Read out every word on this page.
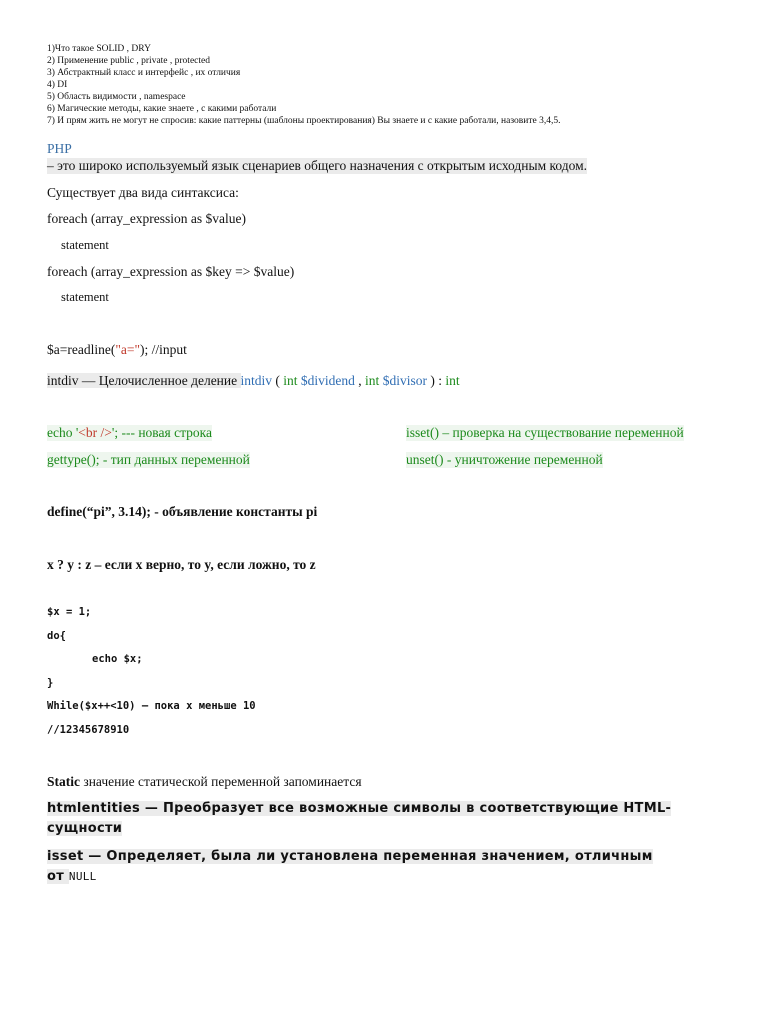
1)Что такое SOLID , DRY
2) Применение public , private , protected
3) Абстрактный класс и интерфейс , их отличия
4) DI
5) Область видимости , namespace
6) Магические методы, какие знаете , с какими работали
7) И прям жить не могут не спросив: какие паттерны (шаблоны проектирования) Вы знаете и с какие работали, назовите 3,4,5.
PHP
– это широко используемый язык сценариев общего назначения с открытым исходным кодом.
Существует два вида синтаксиса:
foreach (array_expression as $value)
statement
foreach (array_expression as $key => $value)
statement
$a=readline("a="); //input
intdiv — Целочисленное деление intdiv ( int $dividend , int $divisor ) : int
echo '<br />'; --- новая строка
gettype(); - тип данных переменной
isset() – проверка на существование переменной
unset() - уничтожение переменной
define(“pi”, 3.14); - объявление константы pi
x ? y : z – если x верно, то y, если ложно, то z
$x = 1;
do{
echo $x;
}
While($x++<10) – пока x меньше 10
//12345678910
Static значение статической переменной запоминается
htmlentities — Преобразует все возможные символы в соответствующие HTML-
сущности
isset — Определяет, была ли установлена переменная значением, отличным
от NULL
